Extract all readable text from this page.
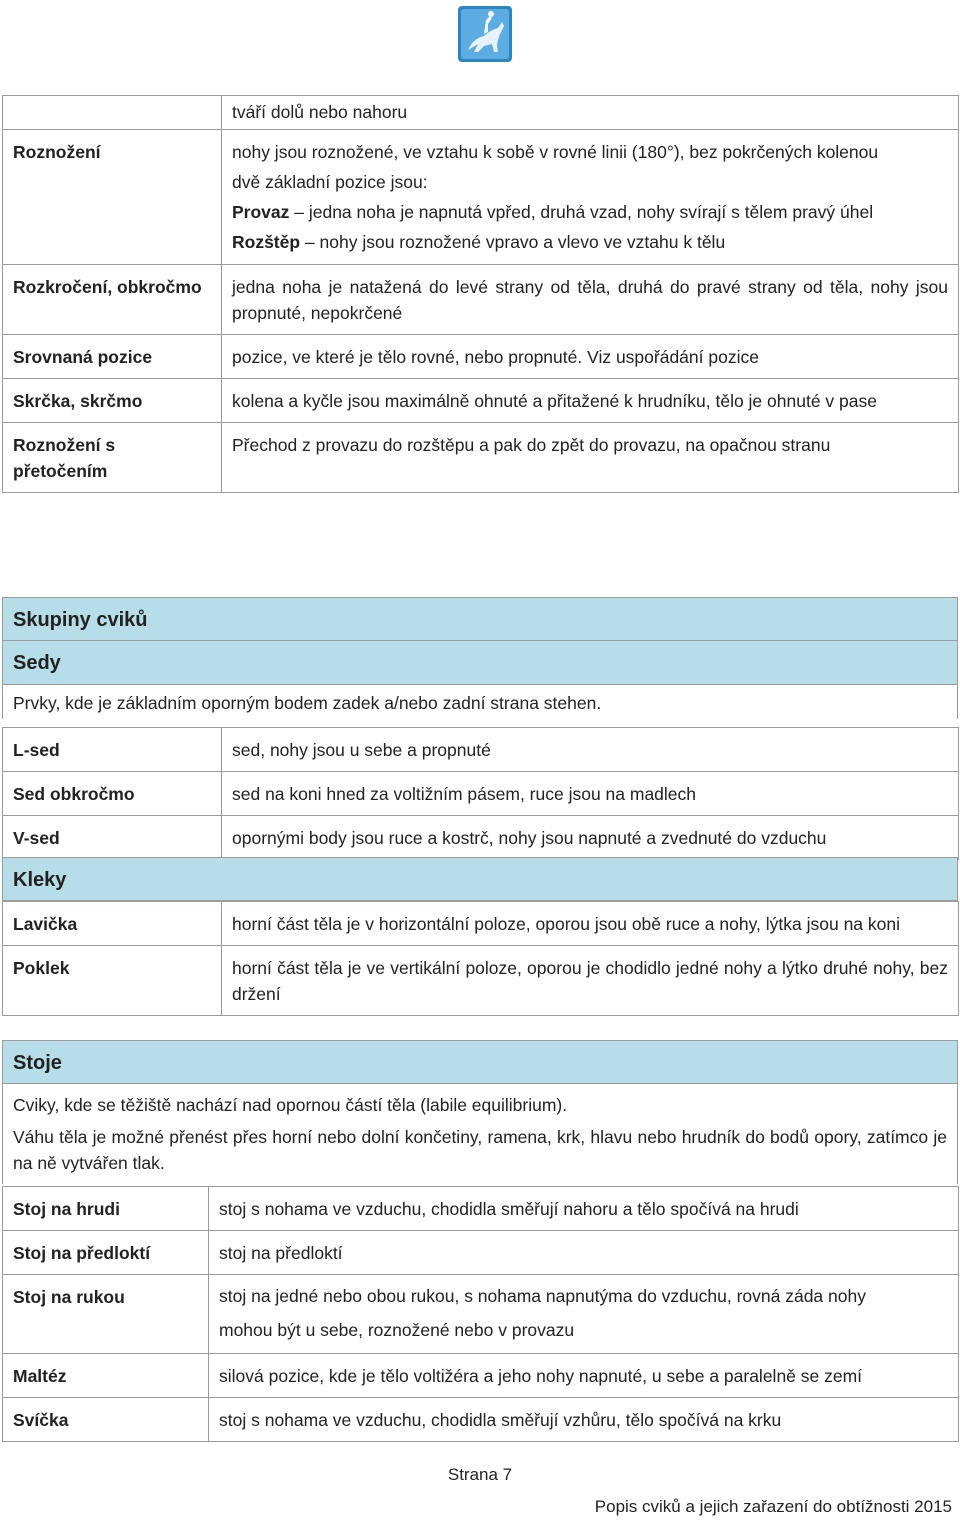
	tváří dolů nebo nahoru

Roznožení	nohy jsou roznožené, ve vztahu k sobě v rovné linii (180°), bez pokrčených kolenou
dvě základní pozice jsou:
Provaz – jedna noha je napnutá vpřed, druhá vzad, nohy svírají s tělem pravý úhel
Rozštěp – nohy jsou roznožené vpravo a vlevo ve vztahu k tělu

Rozkročení, obkročmo	jedna noha je natažená do levé strany od těla, druhá do pravé strany od těla, nohy jsou propnuté, nepokrčené

Srovnaná pozice	pozice, ve které je tělo rovné, nebo propnuté. Viz uspořádání pozice

Skrčka, skrčmo	kolena a kyčle jsou maximálně ohnuté a přitažené k hrudníku, tělo je ohnuté v pase

Roznožení s přetočením	Přechod z provazu do rozštěpu a pak do zpět do provazu, na opačnou stranu
Skupiny cviků
Sedy
Prvky, kde je základním oporným bodem zadek a/nebo zadní strana stehen.
L-sed	sed, nohy jsou u sebe a propnuté

Sed obkročmo	sed na koni hned za voltižním pásem, ruce jsou na madlech

V-sed	opornými body jsou ruce a kostrč, nohy jsou napnuté a zvednuté do vzduchu
Kleky
Lavička	horní část těla je v horizontální poloze, oporou jsou obě ruce a nohy, lýtka jsou na koni

Poklek	horní část těla je ve vertikální poloze, oporou je chodidlo jedné nohy a lýtko druhé nohy, bez držení
Stoje

Cviky, kde se těžiště nachází nad opornou částí těla (labile equilibrium).

Váhu těla je možné přenést přes horní nebo dolní končetiny, ramena, krk, hlavu nebo hrudník do bodů opory, zatímco je na ně vytvářen tlak.

Stoj na hrudi	stoj s nohama ve vzduchu, chodidla směřují nahoru a tělo spočívá na hrudi

Stoj na předloktí	stoj na předloktí

Stoj na rukou	stoj na jedné nebo obou rukou, s nohama napnutýma do vzduchu, rovná záda nohy mohou být u sebe, roznožené nebo v provazu

Maltéz	silová pozice, kde je tělo voltižéra a jeho nohy napnuté, u sebe a paralelně se zemí

Svíčka	stoj s nohama ve vzduchu, chodidla směřují vzhůru, tělo spočívá na krku
Strana 7
Popis cviků a jejich zařazení do obtížnosti 2015
